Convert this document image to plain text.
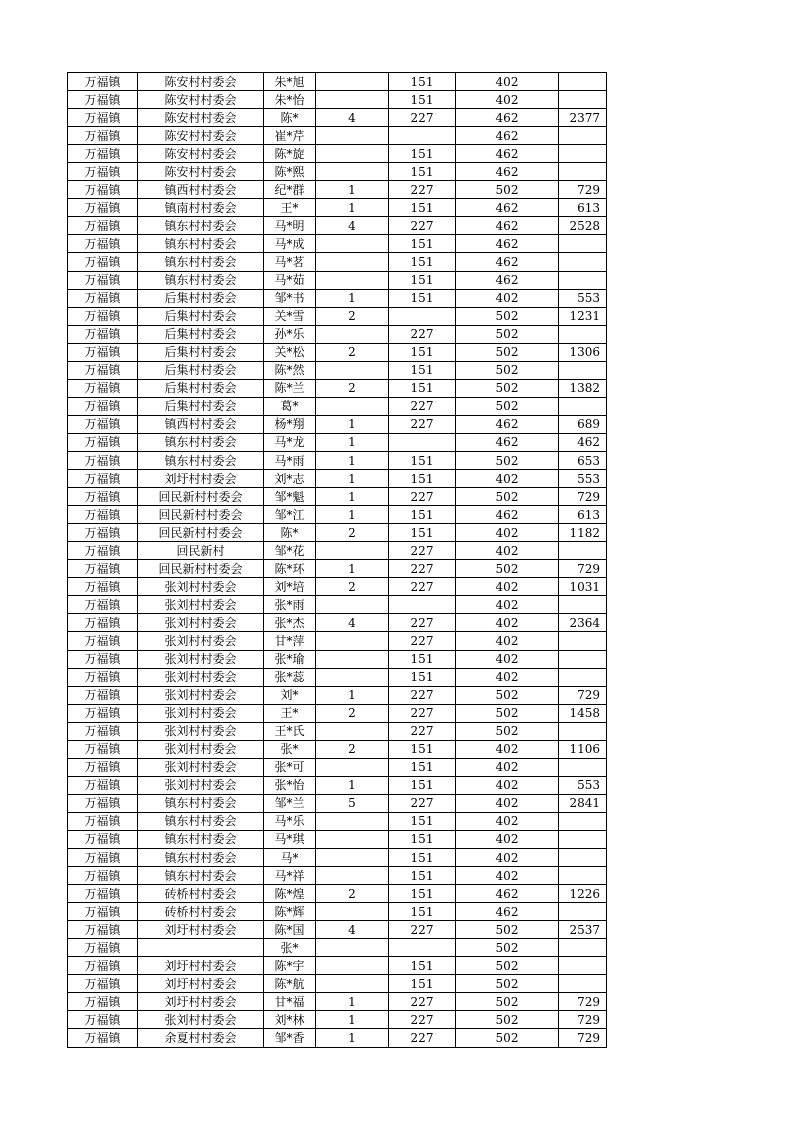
万福镇	陈安村村委会	朱*旭		151	402	
万福镇	陈安村村委会	朱*怡		151	402	
万福镇	陈安村村委会	陈*	4	227	462	2377
万福镇	陈安村村委会	崔*芹			462	
万福镇	陈安村村委会	陈*旋		151	462	
万福镇	陈安村村委会	陈*熙		151	462	
万福镇	镇西村村委会	纪*群	1	227	502	729
万福镇	镇南村村委会	王*	1	151	462	613
万福镇	镇东村村委会	马*明	4	227	462	2528
万福镇	镇东村村委会	马*成		151	462	
万福镇	镇东村村委会	马*茗		151	462	
万福镇	镇东村村委会	马*茹		151	462	
万福镇	后集村村委会	邹*书	1	151	402	553
万福镇	后集村村委会	关*雪	2		502	1231
万福镇	后集村村委会	孙*乐		227	502	
万福镇	后集村村委会	关*松	2	151	502	1306
万福镇	后集村村委会	陈*然		151	502	
万福镇	后集村村委会	陈*兰	2	151	502	1382
万福镇	后集村村委会	葛*		227	502	
万福镇	镇西村村委会	杨*翔	1	227	462	689
万福镇	镇东村村委会	马*龙	1		462	462
万福镇	镇东村村委会	马*雨	1	151	502	653
万福镇	刘圩村村委会	刘*志	1	151	402	553
万福镇	回民新村村委会	邹*魁	1	227	502	729
万福镇	回民新村村委会	邹*江	1	151	462	613
万福镇	回民新村村委会	陈*	2	151	402	1182
万福镇	回民新村	邹*花		227	402	
万福镇	回民新村村委会	陈*环	1	227	502	729
万福镇	张刘村村委会	刘*培	2	227	402	1031
万福镇	张刘村村委会	张*雨			402	
万福镇	张刘村村委会	张*杰	4	227	402	2364
万福镇	张刘村村委会	甘*萍		227	402	
万福镇	张刘村村委会	张*瑜		151	402	
万福镇	张刘村村委会	张*蕊		151	402	
万福镇	张刘村村委会	刘*	1	227	502	729
万福镇	张刘村村委会	王*	2	227	502	1458
万福镇	张刘村村委会	王*氏		227	502	
万福镇	张刘村村委会	张*	2	151	402	1106
万福镇	张刘村村委会	张*可		151	402	
万福镇	张刘村村委会	张*怡	1	151	402	553
万福镇	镇东村村委会	邹*兰	5	227	402	2841
万福镇	镇东村村委会	马*乐		151	402	
万福镇	镇东村村委会	马*琪		151	402	
万福镇	镇东村村委会	马*		151	402	
万福镇	镇东村村委会	马*祥		151	402	
万福镇	砖桥村村委会	陈*煌	2	151	462	1226
万福镇	砖桥村村委会	陈*辉		151	462	
万福镇	刘圩村村委会	陈*国	4	227	502	2537
万福镇		张*			502	
万福镇	刘圩村村委会	陈*宇		151	502	
万福镇	刘圩村村委会	陈*航		151	502	
万福镇	刘圩村村委会	甘*福	1	227	502	729
万福镇	张刘村村委会	刘*林	1	227	502	729
万福镇	余夏村村委会	邹*香	1	227	502	729
